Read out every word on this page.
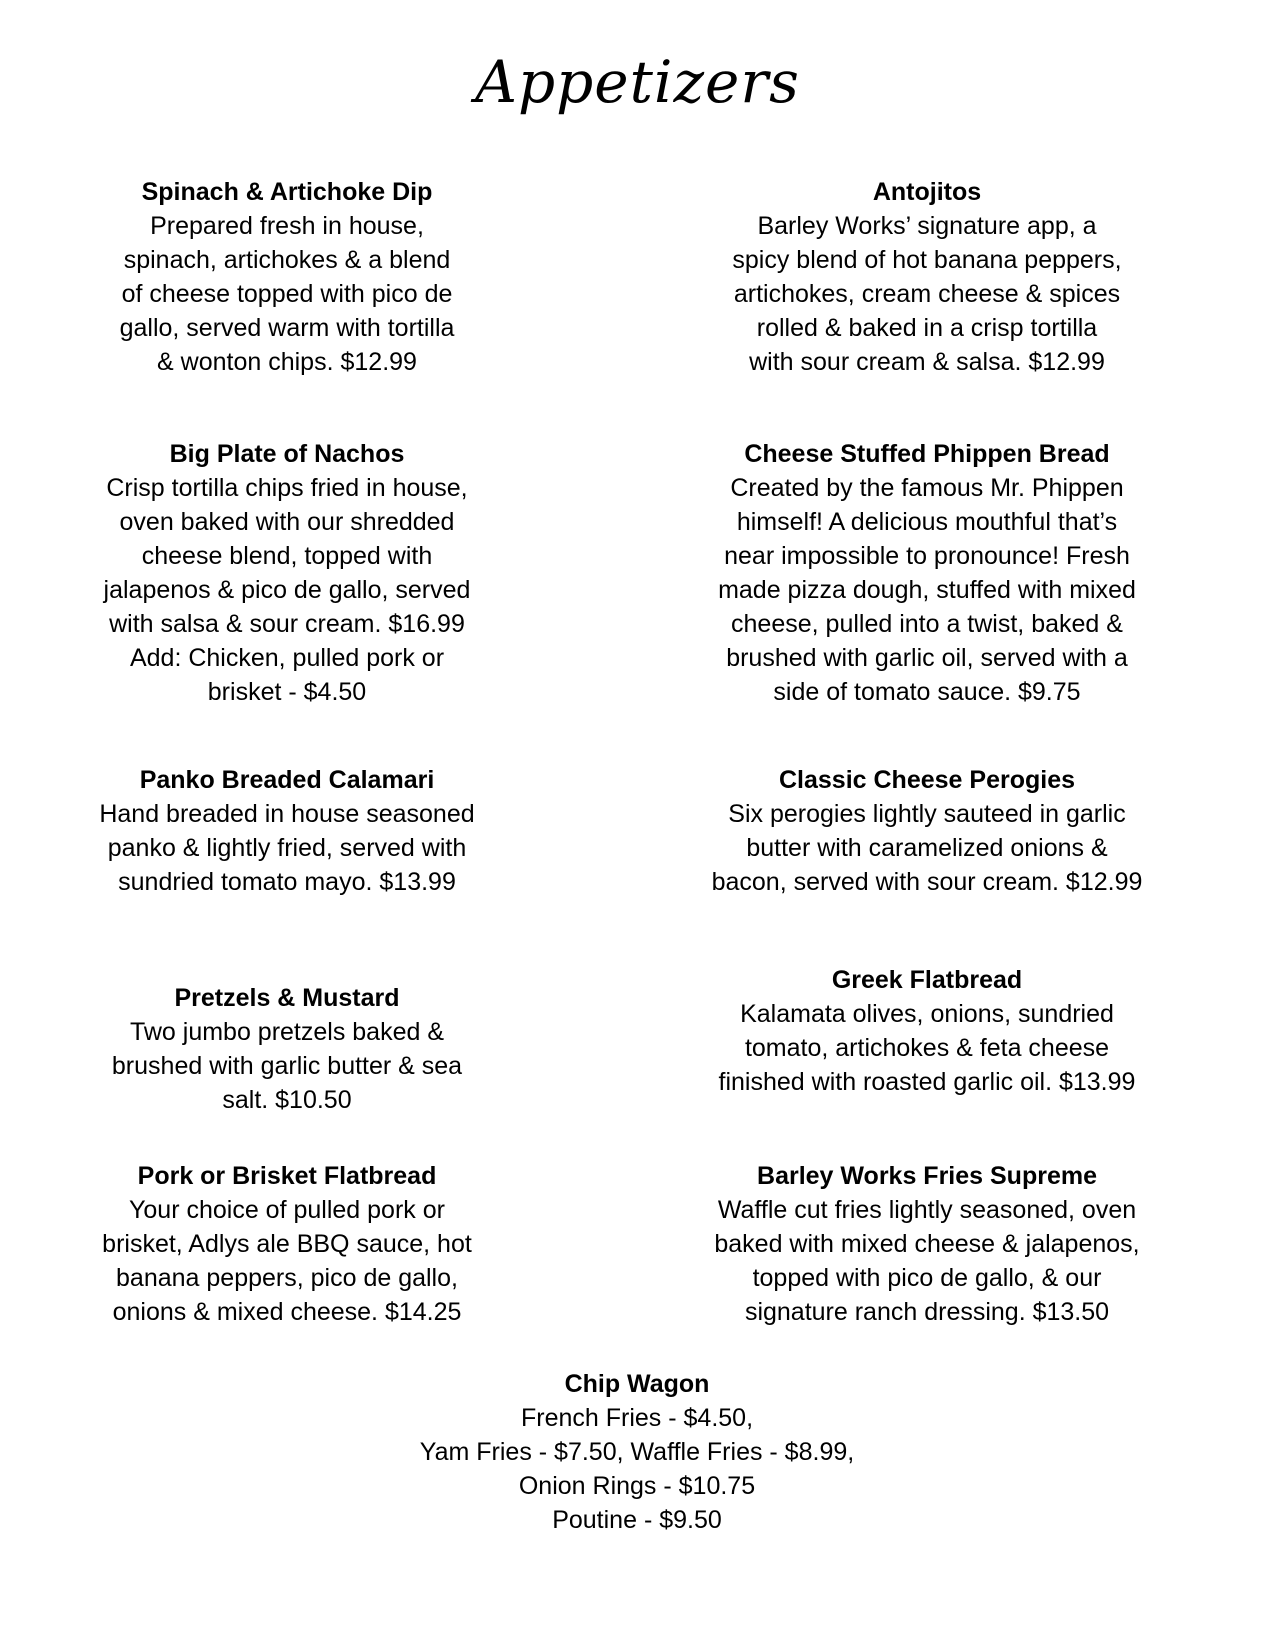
Appetizers

Spinach & Artichoke Dip

Prepared fresh in house,
spinach, artichokes & a blend
of cheese topped with pico de
gallo, served warm with tortilla
& wonton chips. $12.99

Antojitos

Barley Works’ signature app, a
spicy blend of hot banana peppers,
artichokes, cream cheese & spices
rolled & baked in a crisp tortilla
with sour cream & salsa. $12.99

Big Plate of Nachos

Crisp tortilla chips fried in house,
oven baked with our shredded
cheese blend, topped with
jalapenos & pico de gallo, served
with salsa & sour cream. $16.99
Add: Chicken, pulled pork or
brisket - $4.50

Cheese Stuffed Phippen Bread

Created by the famous Mr. Phippen
himself! A delicious mouthful that’s
near impossible to pronounce! Fresh
made pizza dough, stuffed with mixed
cheese, pulled into a twist, baked &
brushed with garlic oil, served with a
side of tomato sauce. $9.75

Panko Breaded Calamari

Hand breaded in house seasoned
panko & lightly fried, served with
sundried tomato mayo. $13.99

Classic Cheese Perogies

Six perogies lightly sauteed in garlic
butter with caramelized onions &
bacon, served with sour cream. $12.99

Pretzels & Mustard

Two jumbo pretzels baked &
brushed with garlic butter & sea
salt. $10.50

Greek Flatbread

Kalamata olives, onions, sundried
tomato, artichokes & feta cheese
finished with roasted garlic oil. $13.99

Pork or Brisket Flatbread

Your choice of pulled pork or
brisket, Adlys ale BBQ sauce, hot
banana peppers, pico de gallo,
onions & mixed cheese. $14.25

Barley Works Fries Supreme

Waffle cut fries lightly seasoned, oven
baked with mixed cheese & jalapenos,
topped with pico de gallo, & our
signature ranch dressing. $13.50

Chip Wagon

French Fries - $4.50,
Yam Fries - $7.50, Waffle Fries - $8.99,
Onion Rings - $10.75
Poutine - $9.50
